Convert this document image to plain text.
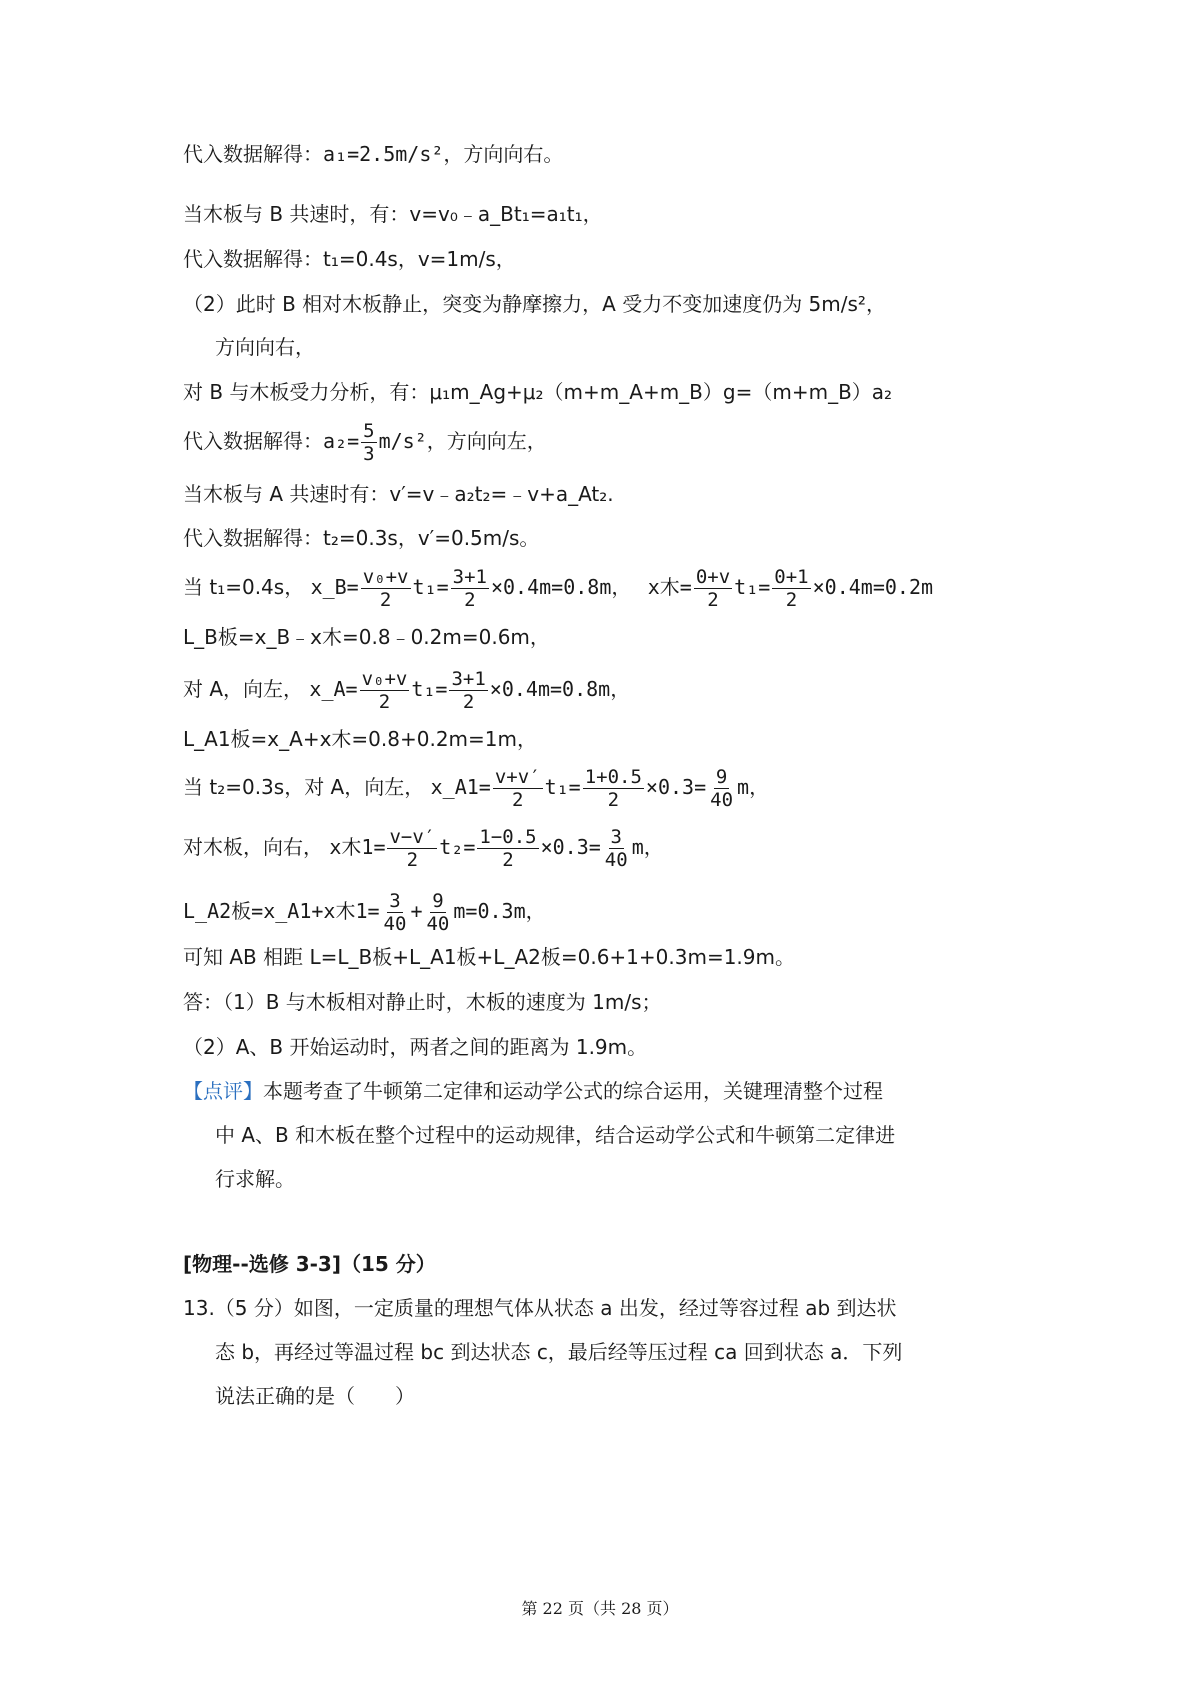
代入数据解得：a₁=2.5m/s²，方向向右。
当木板与 B 共速时，有：v=v₀﹣a_Bt₁=a₁t₁，
代入数据解得：t₁=0.4s，v=1m/s，
（2）此时 B 相对木板静止，突变为静摩擦力，A 受力不变加速度仍为 5m/s²，
方向向右，
对 B 与木板受力分析，有：μ₁m_Ag+μ₂（m+m_A+m_B）g=（m+m_B）a₂
代入数据解得：$a_2= \frac{5}{3} m/s^2$，方向向左，
当木板与 A 共速时有：v′=v﹣a₂t₂=﹣v+a_At₂.
代入数据解得：t₂=0.3s，v′=0.5m/s。
当 t₁=0.4s， x_B= $\frac{\text{v₀+v}}{2} t_1= \frac{3+1}{2} \times 0.4m=0.8m$， x木= $\frac{0+v}{2} t_1= \frac{0+1}{2} \times 0.4m=0.2m$
L_B板=x_B﹣x木=0.8﹣0.2m=0.6m，
对 A，向左， x_A= $\frac{\text{v₀+v}}{2} t_1= \frac{3+1}{2} \times 0.4m=0.8m$，
L_A1板=x_A+x木=0.8+0.2m=1m，
当 t₂=0.3s，对 A，向左， x_A1= $\frac{v+v'}{2} t_1= \frac{1+0.5}{2} \times 0.3= \frac{9}{40}$ m，
对木板，向右， x木$1= \frac{v-v'}{2} t_2= \frac{1-0.5}{2} \times 0.3= \frac{3}{40}$ m，
L_A2板=x_A1+x木$1= \frac{3}{40} + \frac{9}{40} m=0.3m$，
可知 AB 相距 L=L_B板+L_A1板+L_A2板=0.6+1+0.3m=1.9m。
答：（1）B 与木板相对静止时，木板的速度为 1m/s；
（2）A、B 开始运动时，两者之间的距离为 1.9m。
【点评】本题考查了牛顿第二定律和运动学公式的综合运用，关键理清整个过程
中 A、B 和木板在整个过程中的运动规律，结合运动学公式和牛顿第二定律进
行求解。
[物理--选修 3-3]（15 分）
13.（5 分）如图，一定质量的理想气体从状态 a 出发，经过等容过程 ab 到达状
态 b，再经过等温过程 bc 到达状态 c，最后经等压过程 ca 回到状态 a．下列
说法正确的是（　　）
第 22 页（共 28 页）
